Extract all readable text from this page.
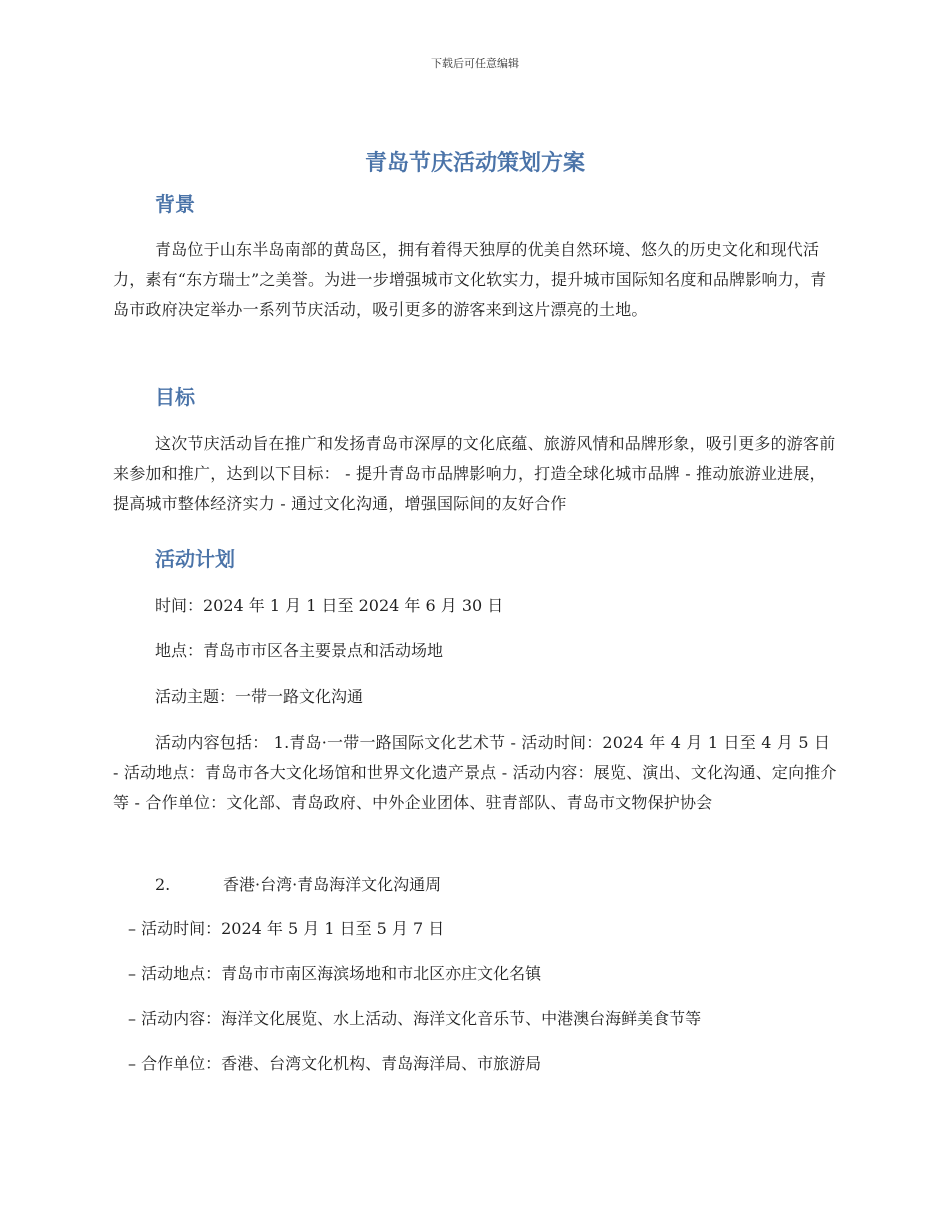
下载后可任意编辑
青岛节庆活动策划方案
背景

青岛位于山东半岛南部的黄岛区，拥有着得天独厚的优美自然环境、悠久的历史文化和现代活力，素有“东方瑞士”之美誉。为进一步增强城市文化软实力，提升城市国际知名度和品牌影响力，青岛市政府决定举办一系列节庆活动，吸引更多的游客来到这片漂亮的土地。

目标

这次节庆活动旨在推广和发扬青岛市深厚的文化底蕴、旅游风情和品牌形象，吸引更多的游客前来参加和推广，达到以下目标： - 提升青岛市品牌影响力，打造全球化城市品牌 - 推动旅游业进展，提高城市整体经济实力 - 通过文化沟通，增强国际间的友好合作

活动计划

时间：2024 年 1 月 1 日至 2024 年 6 月 30 日

地点：青岛市市区各主要景点和活动场地

活动主题：一带一路文化沟通

活动内容包括： 1.青岛·一带一路国际文化艺术节 - 活动时间：2024 年 4 月 1 日至 4 月 5 日 - 活动地点：青岛市各大文化场馆和世界文化遗产景点 - 活动内容：展览、演出、文化沟通、定向推介等 - 合作单位：文化部、青岛政府、中外企业团体、驻青部队、青岛市文物保护协会

2.	香港·台湾·青岛海洋文化沟通周

– 活动时间：2024 年 5 月 1 日至 5 月 7 日

– 活动地点：青岛市市南区海滨场地和市北区亦庄文化名镇

– 活动内容：海洋文化展览、水上活动、海洋文化音乐节、中港澳台海鲜美食节等

– 合作单位：香港、台湾文化机构、青岛海洋局、市旅游局
